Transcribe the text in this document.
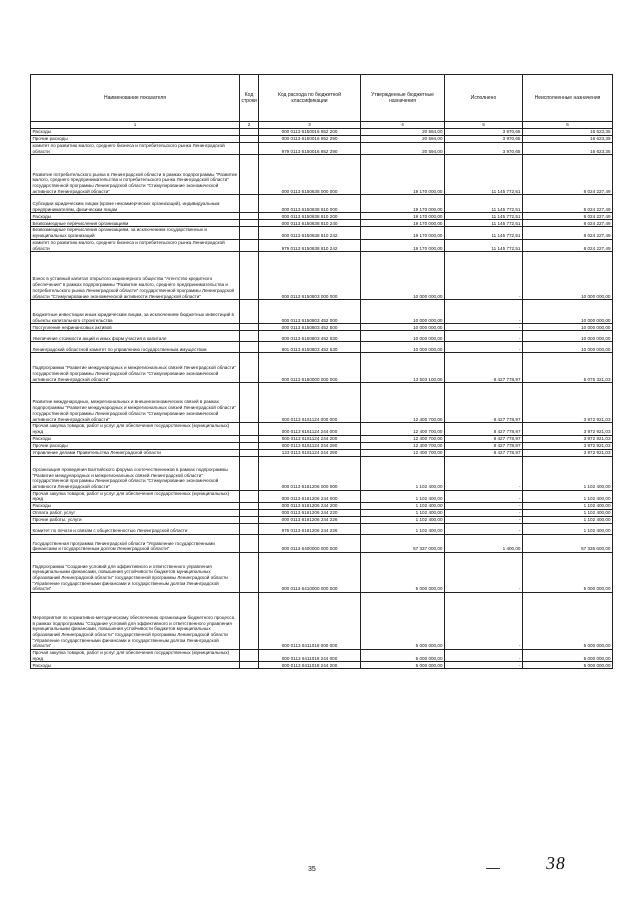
Наименование показателя	Код строки	Код расхода по бюджетной классификации	Утвержденные бюджетные назначения	Исполнено	Неисполненные назначения
1	2	3	4	5	6
Расходы		000 0113 6150016 852 200	20 594,00	3 970,65	16 623,35
Прочие расходы		000 0113 6150016 852 290	20 594,00	3 970,65	16 623,35
комитет по развитию малого, среднего бизнеса и потребительского рынка Ленинградской области		979 0113 6150016 852 290	20 594,00	3 970,65	16 623,35
Развитие потребительского рынка в Ленинградской области в рамках подпрограммы "Развитие малого, среднего предпринимательства и потребительского рынка Ленинградской области" государственной программы Ленинградской области "Стимулирование экономической активности Ленинградской области"		000 0113 6150638 000 000	19 170 000,00	11 145 772,51	8 024 227,49
Субсидии юридическим лицам (кроме некоммерческих организаций), индивидуальным предпринимателям, физическим лицам		000 0113 6150638 810 000	19 170 000,00	11 145 772,51	8 024 227,49
Расходы		000 0113 6150638 810 200	19 170 000,00	11 145 772,51	8 024 227,49
Безвозмездные перечисления организациям		000 0113 6150638 810 240	19 170 000,00	11 145 772,51	8 024 227,49
Безвозмездные перечисления организациям, за исключением государственных и муниципальных организаций		000 0113 6150638 810 242	19 170 000,00	11 145 772,51	8 024 227,49
комитет по развитию малого, среднего бизнеса и потребительского рынка Ленинградской области		979 0113 6150638 810 242	19 170 000,00	11 145 772,51	8 024 227,49
Взнос в уставный капитал открытого акционерного общества "Агентство кредитного обеспечения" в рамках подпрограммы "Развитие малого, среднего предпринимательства и потребительского рынка Ленинградской области" государственной программы Ленинградской области "Стимулирование экономической активности Ленинградской области"		000 0113 6150803 000 000	10 000 000,00	-	10 000 000,00
Бюджетные инвестиции иным юридическим лицам, за исключением бюджетных инвестиций в объекты капитального строительства		000 0113 6150803 452 000	10 000 000,00	-	10 000 000,00
Поступление нефинансовых активов		000 0113 6150803 452 500	10 000 000,00	-	10 000 000,00
Увеличение стоимости акций и иных форм участия в капитале		000 0113 6150803 452 530	10 000 000,00	-	10 000 000,00
Ленинградский областной комитет по управлению государственным имуществом		801 0113 6150803 452 530	10 000 000,00	-	10 000 000,00
Подпрограмма "Развитие международных и межрегиональных связей Ленинградской области" государственной программы Ленинградской области "Стимулирование экономической активности Ленинградской области"		000 0113 6160000 000 000	13 503 100,00	8 427 778,97	5 075 321,03
Развитие международных, межрегиональных и внешнеэкономических связей в рамках подпрограммы "Развитие международных и межрегиональных связей Ленинградской области" государственной программы Ленинградской области "Стимулирование экономической активности Ленинградской области"		000 0113 6161124 000 000	12 400 700,00	8 427 778,97	3 972 921,03
Прочая закупка товаров, работ и услуг для обеспечения государственных (муниципальных) нужд		000 0113 6161124 244 000	12 400 700,00	8 427 778,97	3 972 921,03
Расходы		000 0113 6161124 244 200	12 400 700,00	8 427 778,97	3 972 921,03
Прочие расходы		000 0113 6161124 244 290	12 400 700,00	8 427 778,97	3 972 921,03
Управление делами Правительства Ленинградской области		133 0113 6161124 244 290	12 400 700,00	8 427 778,97	3 972 921,03
Организация проведения Балтийского форума соотечественников в рамках подпрограммы "Развитие международных и межрегиональных связей Ленинградской области" государственной программы Ленинградской области "Стимулирование экономической активности Ленинградской области"		000 0113 6161206 000 000	1 102 400,00	-	1 102 400,00
Прочая закупка товаров, работ и услуг для обеспечения государственных (муниципальных) нужд		000 0113 6161206 244 000	1 102 400,00	-	1 102 400,00
Расходы		000 0113 6161206 244 200	1 102 400,00	-	1 102 400,00
Оплата работ, услуг		000 0113 6161206 244 220	1 102 400,00	-	1 102 400,00
Прочие работы, услуги		000 0113 6161206 244 226	1 102 400,00	-	1 102 400,00
Комитет по печати и связям с общественностью Ленинградской области		976 0113 6161206 244 226	1 102 400,00	-	1 102 400,00
Государственная программа Ленинградской области "Управление государственными финансами и государственным долгом Ленинградской области"		000 0113 6400000 000 000	57 337 000,00	1 400,00	57 335 600,00
Подпрограмма "Создание условий для эффективного и ответственного управления муниципальными финансами, повышения устойчивости бюджетов муниципальных образований Ленинградской области" государственной программы Ленинградской области "Управление государственными финансами и государственным долгом Ленинградской области"		000 0113 6410000 000 000	5 000 000,00	-	5 000 000,00
Мероприятия по нормативно-методическому обеспечению организации бюджетного процесса в рамках подпрограммы "Создание условий для эффективного и ответственного управления муниципальными финансами, повышения устойчивости бюджетов муниципальных образований Ленинградской области" государственной программы Ленинградской области "Управление государственными финансами и государственным долгом Ленинградской области"		000 0113 6411018 000 000	5 000 000,00	-	5 000 000,00
Прочая закупка товаров, работ и услуг для обеспечения государственных (муниципальных) нужд		000 0113 6411018 244 000	5 000 000,00	-	5 000 000,00
Расходы		000 0113 6411018 244 200	5 000 000,00	-	5 000 000,00
35	38
